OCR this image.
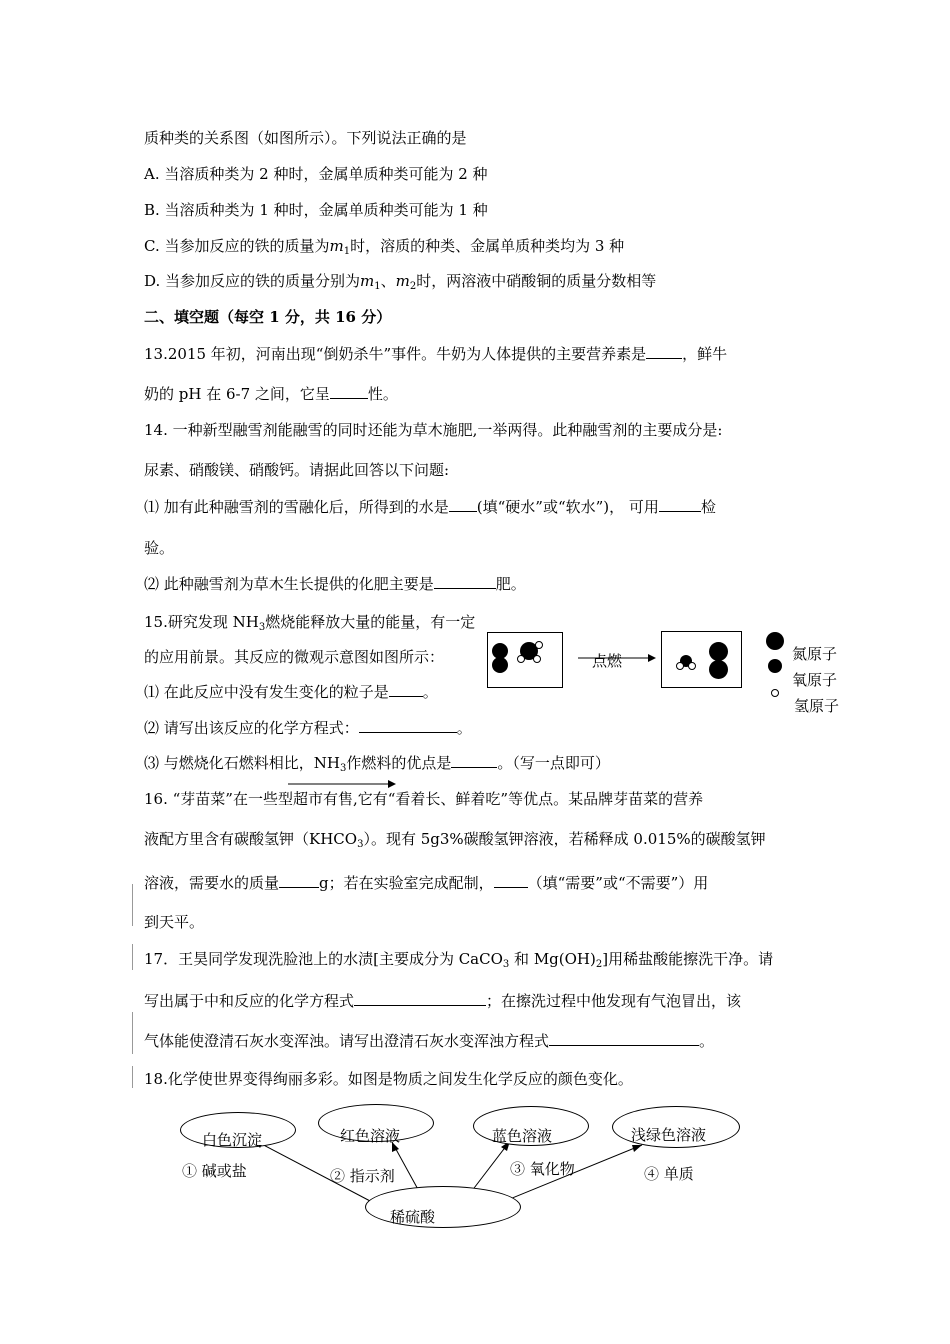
质种类的关系图（如图所示）。下列说法正确的是
A. 当溶质种类为 2 种时，金属单质种类可能为 2 种
B. 当溶质种类为 1 种时，金属单质种类可能为 1 种
C. 当参加反应的铁的质量为$m_1$时，溶质的种类、金属单质种类均为 3 种
D. 当参加反应的铁的质量分别为$m_1$、$m_2$时，两溶液中硝酸铜的质量分数相等
二、填空题（每空 1 分，共 16 分）
13.2015 年初，河南出现“倒奶杀牛”事件。牛奶为人体提供的主要营养素是 ，鲜牛
奶的 pH 在 6-7 之间，它呈	性。
14. 一种新型融雪剂能融雪的同时还能为草木施肥,一举两得。此种融雪剂的主要成分是:
尿素、硝酸镁、硝酸钙。请据此回答以下问题:
⑴ 加有此种融雪剂的雪融化后，所得到的水是 (填“硬水”或“软水”)， 可用	检
验。
⑵ 此种融雪剂为草木生长提供的化肥主要是	肥。
15.研究发现 $NH_3$燃烧能释放大量的能量，有一定
的应用前景。其反应的微观示意图如图所示：
⑴ 在此反应中没有发生变化的粒子是 。
⑵ 请写出该反应的化学方程式：	。
⑶ 与燃烧化石燃料相比，$NH_3$作燃料的优点是	。（写一点即可）
点燃	氮原子
氧原子
氢原子
16. “芽苗菜”在一些型超市有售,它有“看着长、鲜着吃”等优点。某品牌芽苗菜的营养
液配方里含有碳酸氢钾$(KHCO_3)$。现有 5g3%碳酸氢钾溶液，若稀释成 0.015%的碳酸氢钾
溶液，需要水的质量	g；若在实验室完成配制， （填“需要”或“不需要”）用
到天平。
17．王昊同学发现洗脸池上的水渍[主要成分为 CaCO$_3$ 和 $Mg(OH)_2$]用稀盐酸能擦洗干净。请
写出属于中和反应的化学方程式	；在擦洗过程中他发现有气泡冒出，该
气体能使澄清石灰水变浑浊。请写出澄清石灰水变浑浊方程式	。
18.化学使世界变得绚丽多彩。如图是物质之间发生化学反应的颜色变化。
白色沉淀	红色溶液	蓝色溶液	浅绿色溶液
稀硫酸
① 碱或盐	② 指示剂	③ 氧化物	④ 单质
